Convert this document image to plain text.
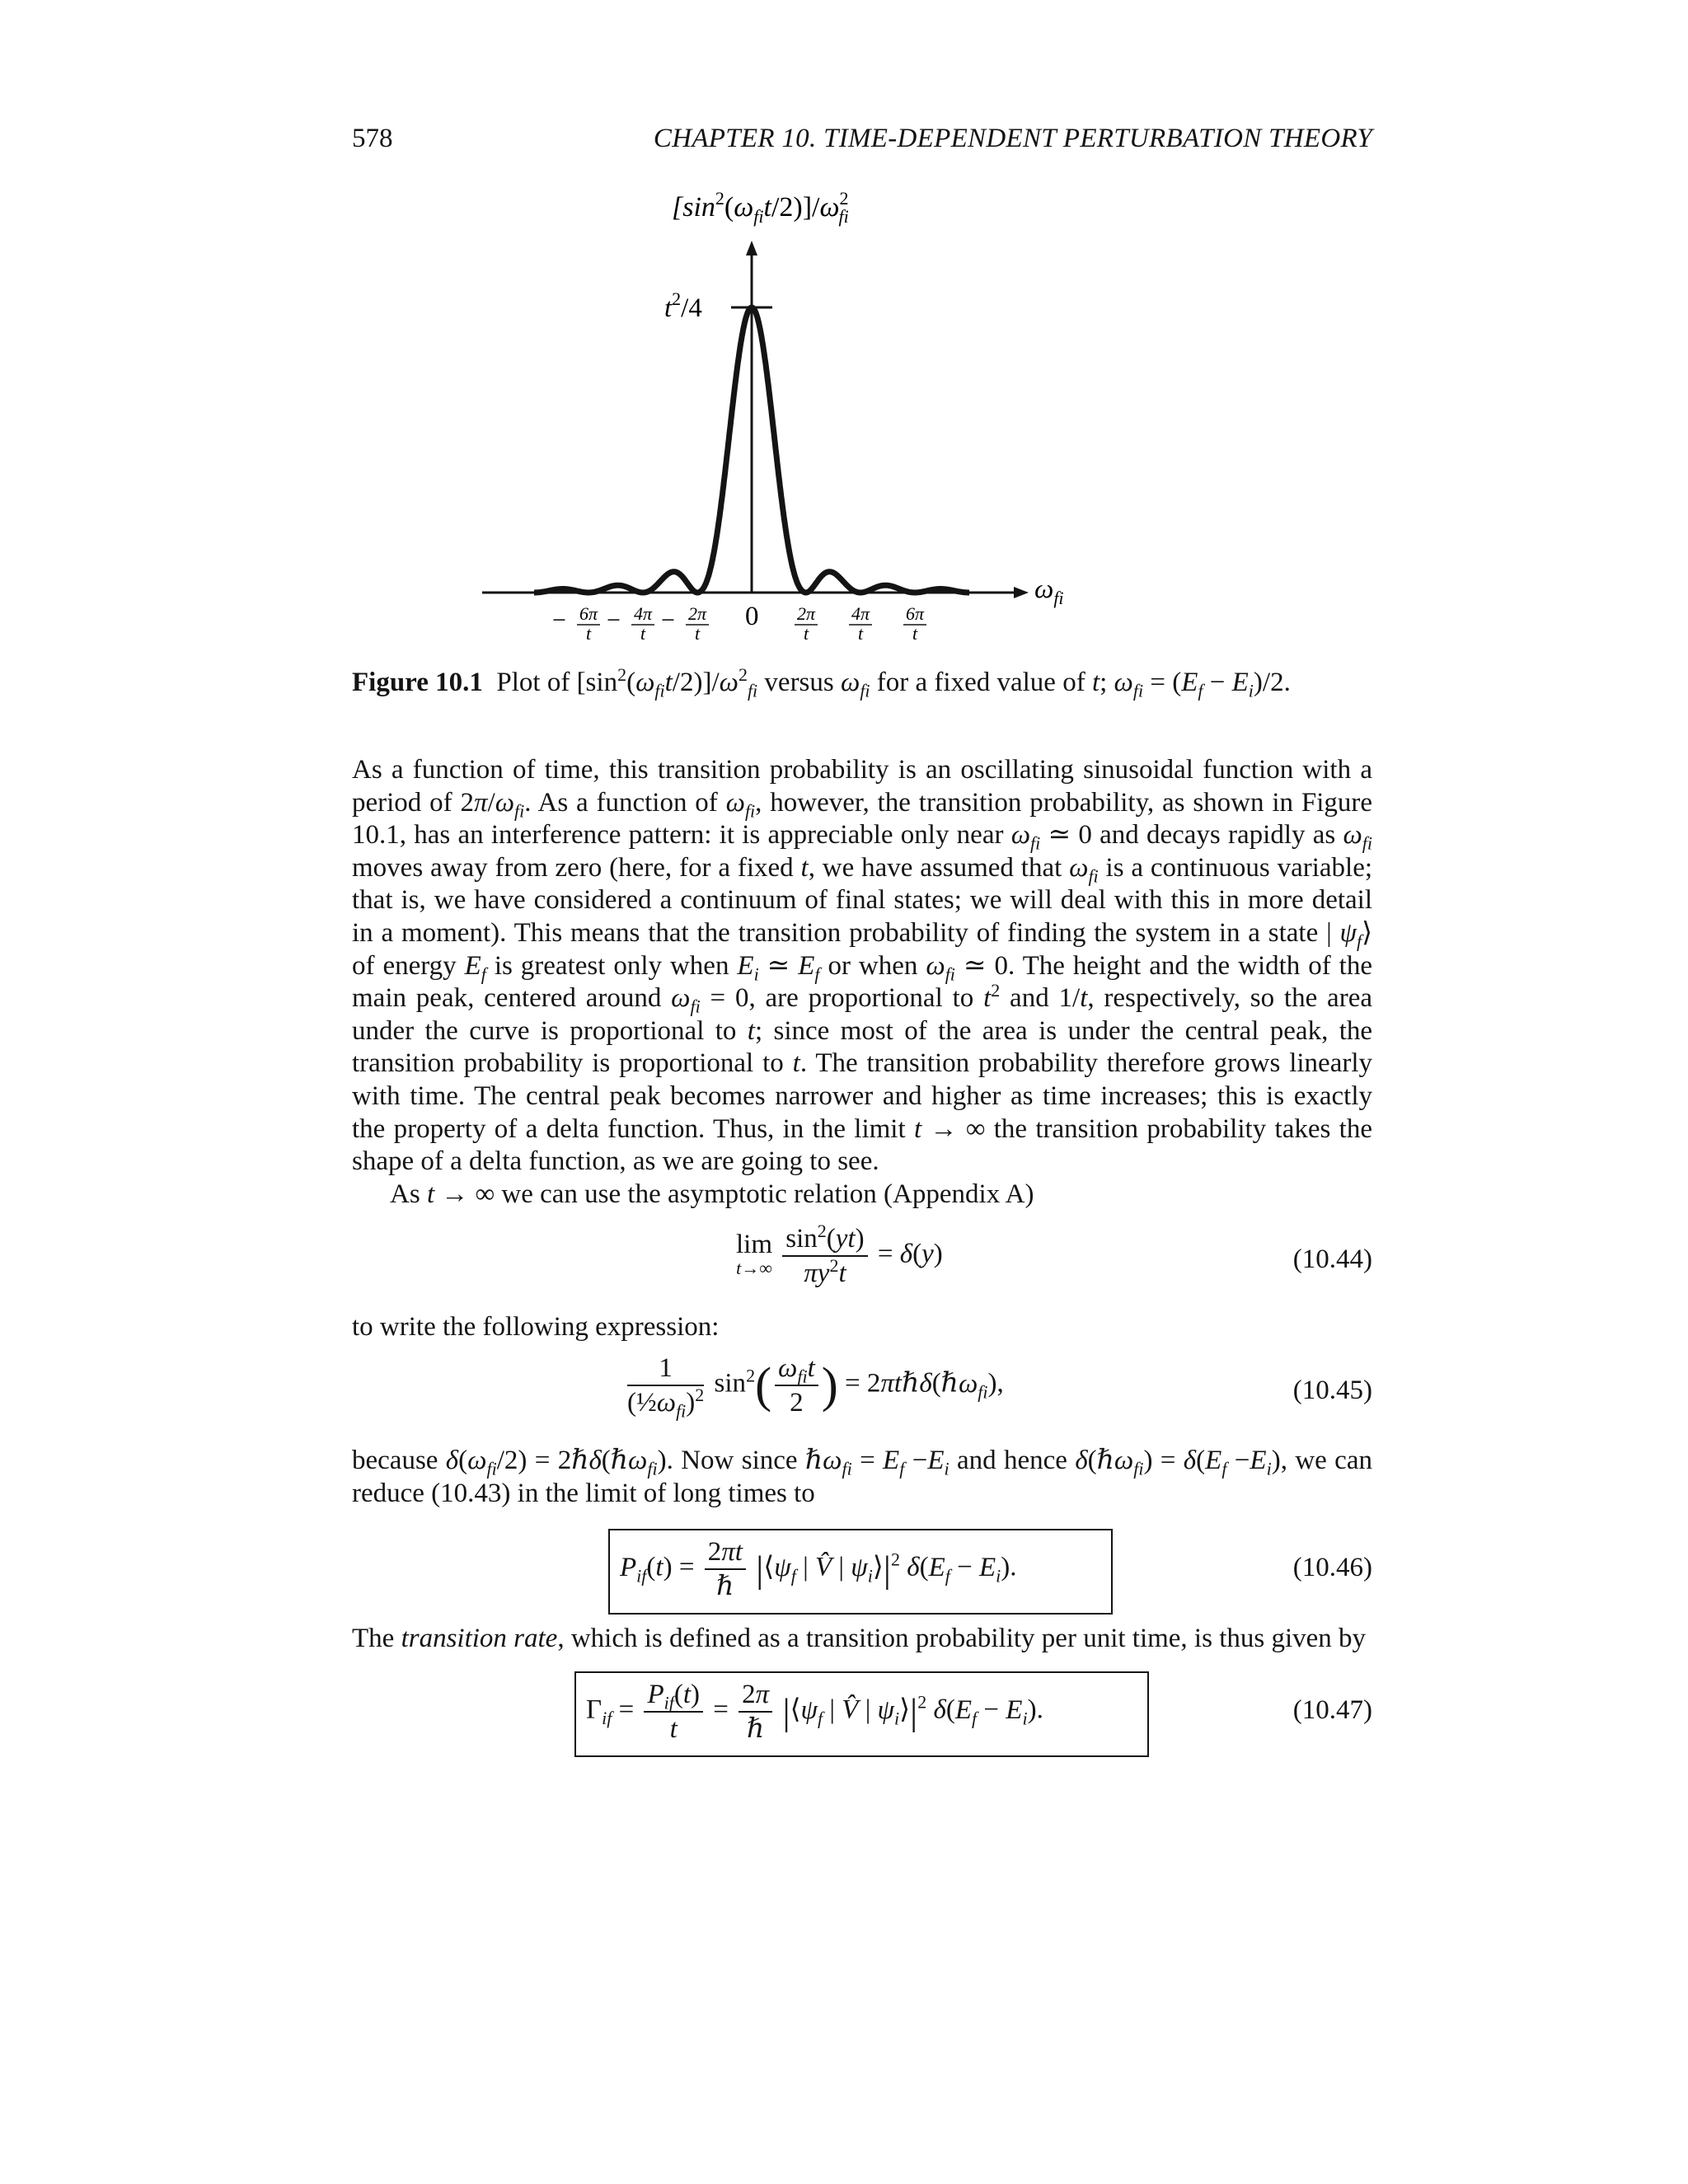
578	CHAPTER 10. TIME-DEPENDENT PERTURBATION THEORY
− 6π
t − 4π
t − 2π
t
2π
t
4π
t
6π
t
$[\sin^2(\omega_{fi}t/2)]/\omega^2$ fi
$t^2/4$
$\omega_{fi}$
0
Figure 10.1 Plot of $[\sin^2(\omega_{fi}t/2)]/\omega^2_{fi}$ versus $\omega_{fi}$ for a fixed value of t; $\omega_{fi} = (E_f - E_i)/2$.

As a function of time, this transition probability is an oscillating sinusoidal function with a period of $2\pi/\omega_{fi}$. As a function of $\omega_{fi}$, however, the transition probability, as shown in Figure 10.1, has an interference pattern: it is appreciable only near $\omega_{fi}$ ≃ 0 and decays rapidly as $\omega_{fi}$ moves away from zero (here, for a fixed t, we have assumed that $\omega_{fi}$ is a continuous variable; that is, we have considered a continuum of final states; we will deal with this in more detail in a moment). This means that the transition probability of finding the system in a state | $\psi_f⟩$ of energy $E_f$ is greatest only when $E_i$ ≃ $E_f$ or when $\omega_{fi}$ ≃ 0. The height and the width of the main peak, centered around $\omega_{fi} = 0$, are proportional to $t^2$ and 1/t, respectively, so the area under the curve is proportional to t; since most of the area is under the central peak, the transition probability is proportional to t. The transition probability therefore grows linearly with time. The central peak becomes narrower and higher as time increases; this is exactly the property of a delta function. Thus, in the limit t → ∞ the transition probability takes the shape of a delta function, as we are going to see.

As t → ∞ we can use the asymptotic relation (Appendix A)

lim
$t\to\infty \frac{\sin^2(yt)}{\pi y^2t} = \delta(y)$	(10.44)
to write the following expression:
$\frac{1}{(\frac{1}{2}\omega_{fi})^2} \sin^2( \frac{\omega_{fi}t}{2}$ ) = 2πtℏδ(ℏω$_{fi}$),	(10.45)

because $\delta(\omega_{fi}/2)$ = 2ℏδ(ℏω$_{fi}$). Now since ℏω$_{fi}$ = $E_f -E_i$ and hence δ(ℏω$_{fi}$) = $\delta(E_f -E_i)$, we can reduce (10.43) in the limit of long times to

$P_{if}(t) = \frac{2\pi t}{\text{ℏ}}$ $|⟨\psi_f$ | V̂ | $\psi_i⟩|^2$ $\delta(E_f - E_i)$.	(10.46)
The transition rate, which is defined as a transition probability per unit time, is thus given by
$\Gamma_{if} = \frac{P_{if}(t)}{t} = \frac{2\pi}{\text{ℏ}}$ $|⟨\psi_f$ | V̂ | $\psi_i⟩|^2$ $\delta(E_f - E_i)$.	(10.47)
